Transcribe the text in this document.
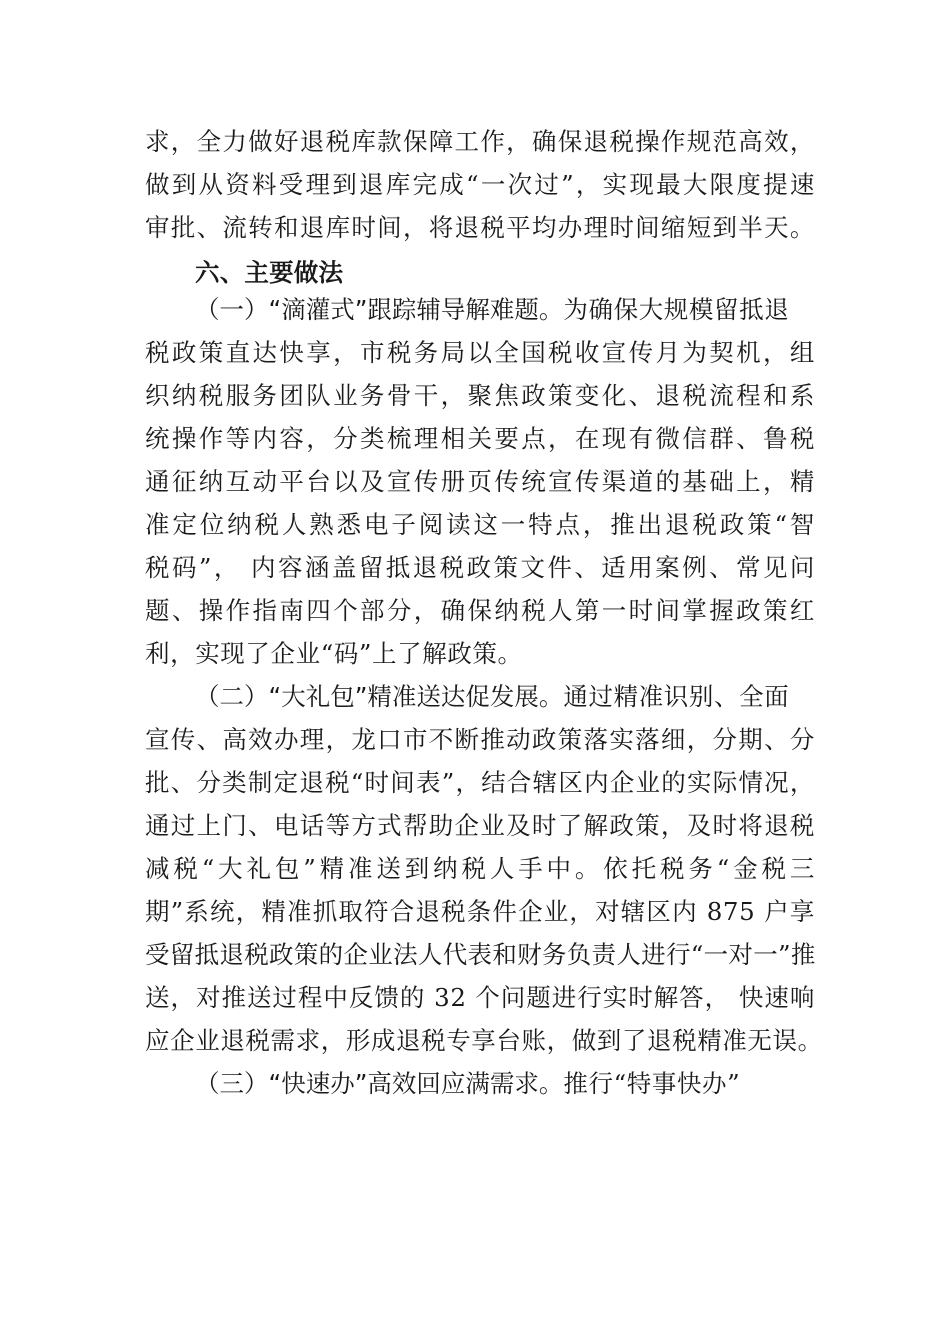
求，全力做好退税库款保障工作，确保退税操作规范高效，
做到从资料受理到退库完成“一次过”，实现最大限度提速
审批、流转和退库时间，将退税平均办理时间缩短到半天。
六、主要做法
（一）“滴灌式”跟踪辅导解难题。为确保大规模留抵退
税政策直达快享，市税务局以全国税收宣传月为契机，组
织纳税服务团队业务骨干，聚焦政策变化、退税流程和系
统操作等内容，分类梳理相关要点，在现有微信群、鲁税
通征纳互动平台以及宣传册页传统宣传渠道的基础上，精
准定位纳税人熟悉电子阅读这一特点，推出退税政策“智
税码”， 内容涵盖留抵退税政策文件、适用案例、常见问
题、操作指南四个部分，确保纳税人第一时间掌握政策红
利，实现了企业“码”上了解政策。
（二）“大礼包”精准送达促发展。通过精准识别、全面
宣传、高效办理，龙口市不断推动政策落实落细，分期、分
批、分类制定退税“时间表”，结合辖区内企业的实际情况，
通过上门、电话等方式帮助企业及时了解政策，及时将退税
减税“大礼包”精准送到纳税人手中。依托税务“金税三
期”系统，精准抓取符合退税条件企业，对辖区内 875 户享
受留抵退税政策的企业法人代表和财务负责人进行“一对一”推
送，对推送过程中反馈的 32 个问题进行实时解答， 快速响
应企业退税需求，形成退税专享台账，做到了退税精准无误。
（三）“快速办”高效回应满需求。推行“特事快办”
